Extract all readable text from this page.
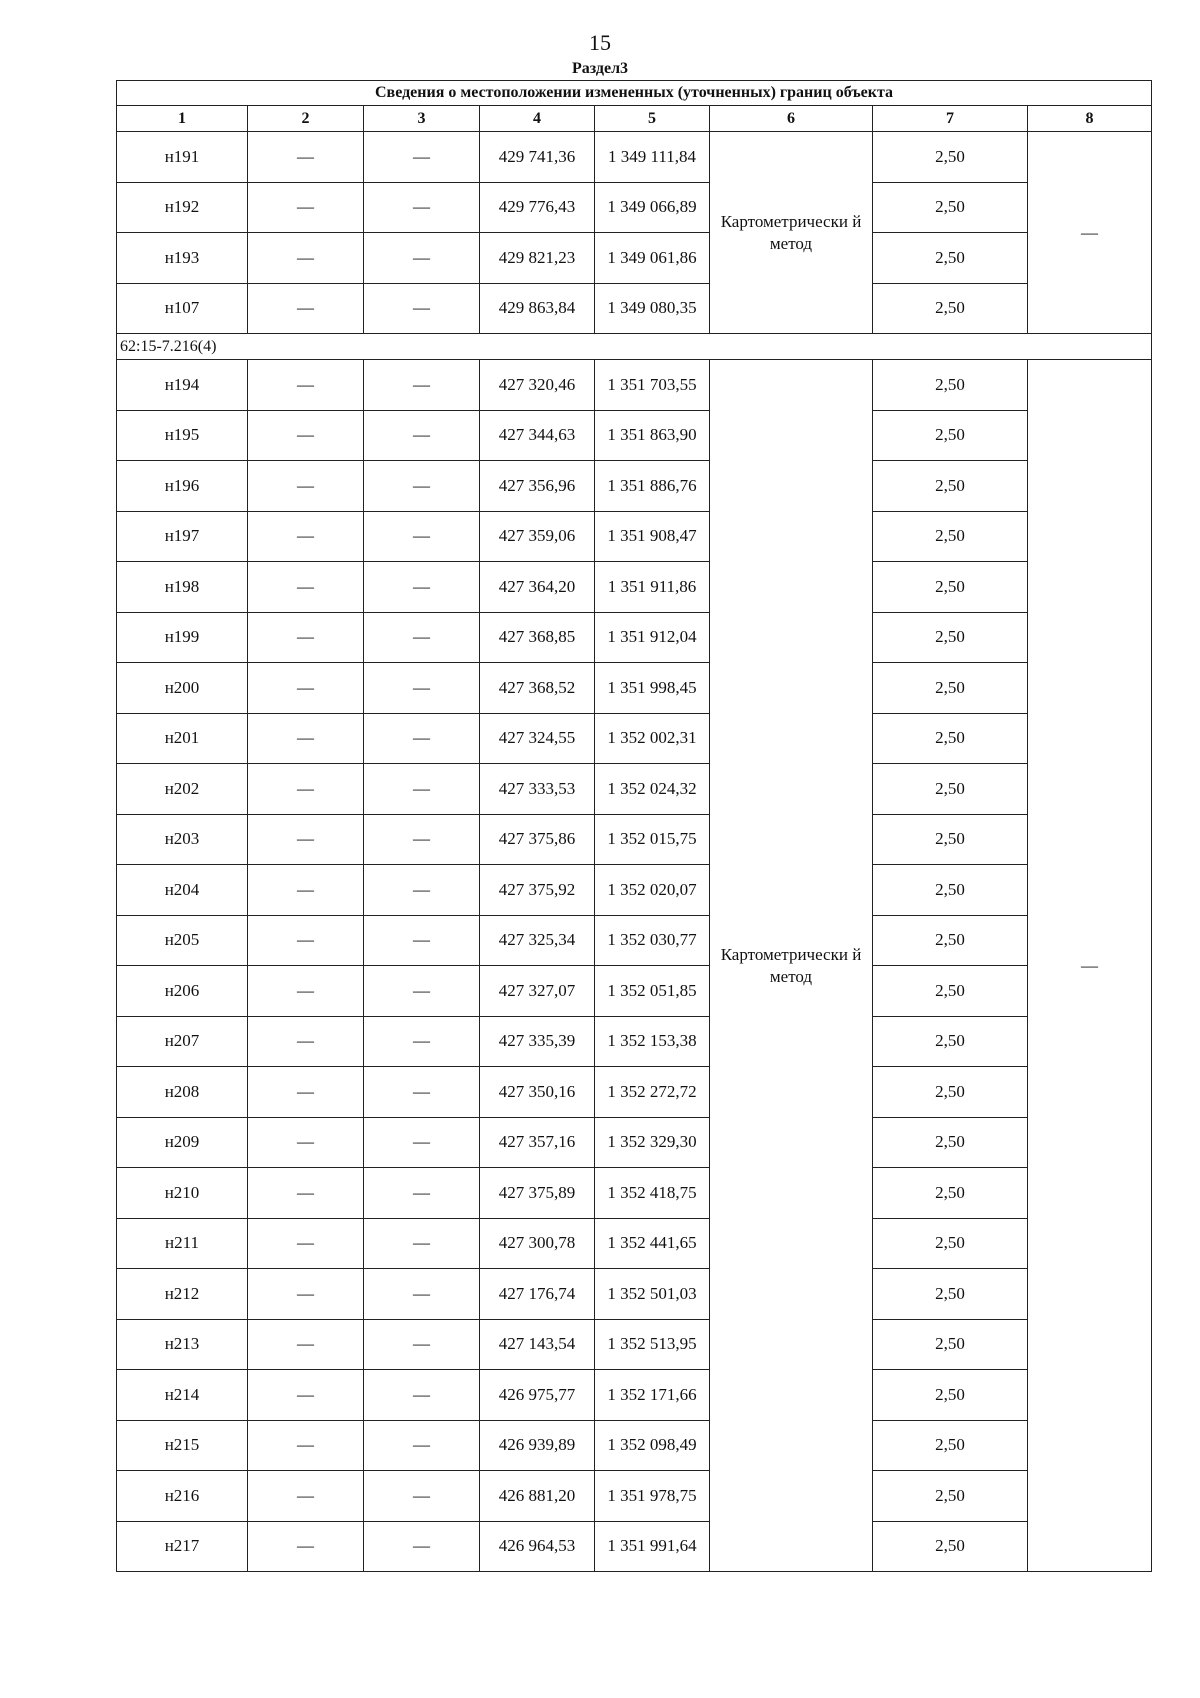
15
Раздел3
Сведения о местоположении измененных (уточненных) границ объекта							
1	2	3	4	5	6	7	8
н191	—	—	429 741,36	1 349 111,84	Картометрически й метод	2,50	—
н192	—	—	429 776,43	1 349 066,89		2,50	
н193	—	—	429 821,23	1 349 061,86		2,50	
н107	—	—	429 863,84	1 349 080,35		2,50	
62:15-7.216(4)							
н194	—	—	427 320,46	1 351 703,55	Картометрически й метод	2,50	—
н195	—	—	427 344,63	1 351 863,90		2,50	
н196	—	—	427 356,96	1 351 886,76		2,50	
н197	—	—	427 359,06	1 351 908,47		2,50	
н198	—	—	427 364,20	1 351 911,86		2,50	
н199	—	—	427 368,85	1 351 912,04		2,50	
н200	—	—	427 368,52	1 351 998,45		2,50	
н201	—	—	427 324,55	1 352 002,31		2,50	
н202	—	—	427 333,53	1 352 024,32		2,50	
н203	—	—	427 375,86	1 352 015,75		2,50	
н204	—	—	427 375,92	1 352 020,07		2,50	
н205	—	—	427 325,34	1 352 030,77		2,50	
н206	—	—	427 327,07	1 352 051,85		2,50	
н207	—	—	427 335,39	1 352 153,38		2,50	
н208	—	—	427 350,16	1 352 272,72		2,50	
н209	—	—	427 357,16	1 352 329,30		2,50	
н210	—	—	427 375,89	1 352 418,75		2,50	
н211	—	—	427 300,78	1 352 441,65		2,50	
н212	—	—	427 176,74	1 352 501,03		2,50	
н213	—	—	427 143,54	1 352 513,95		2,50	
н214	—	—	426 975,77	1 352 171,66		2,50	
н215	—	—	426 939,89	1 352 098,49		2,50	
н216	—	—	426 881,20	1 351 978,75		2,50	
н217	—	—	426 964,53	1 351 991,64		2,50	
